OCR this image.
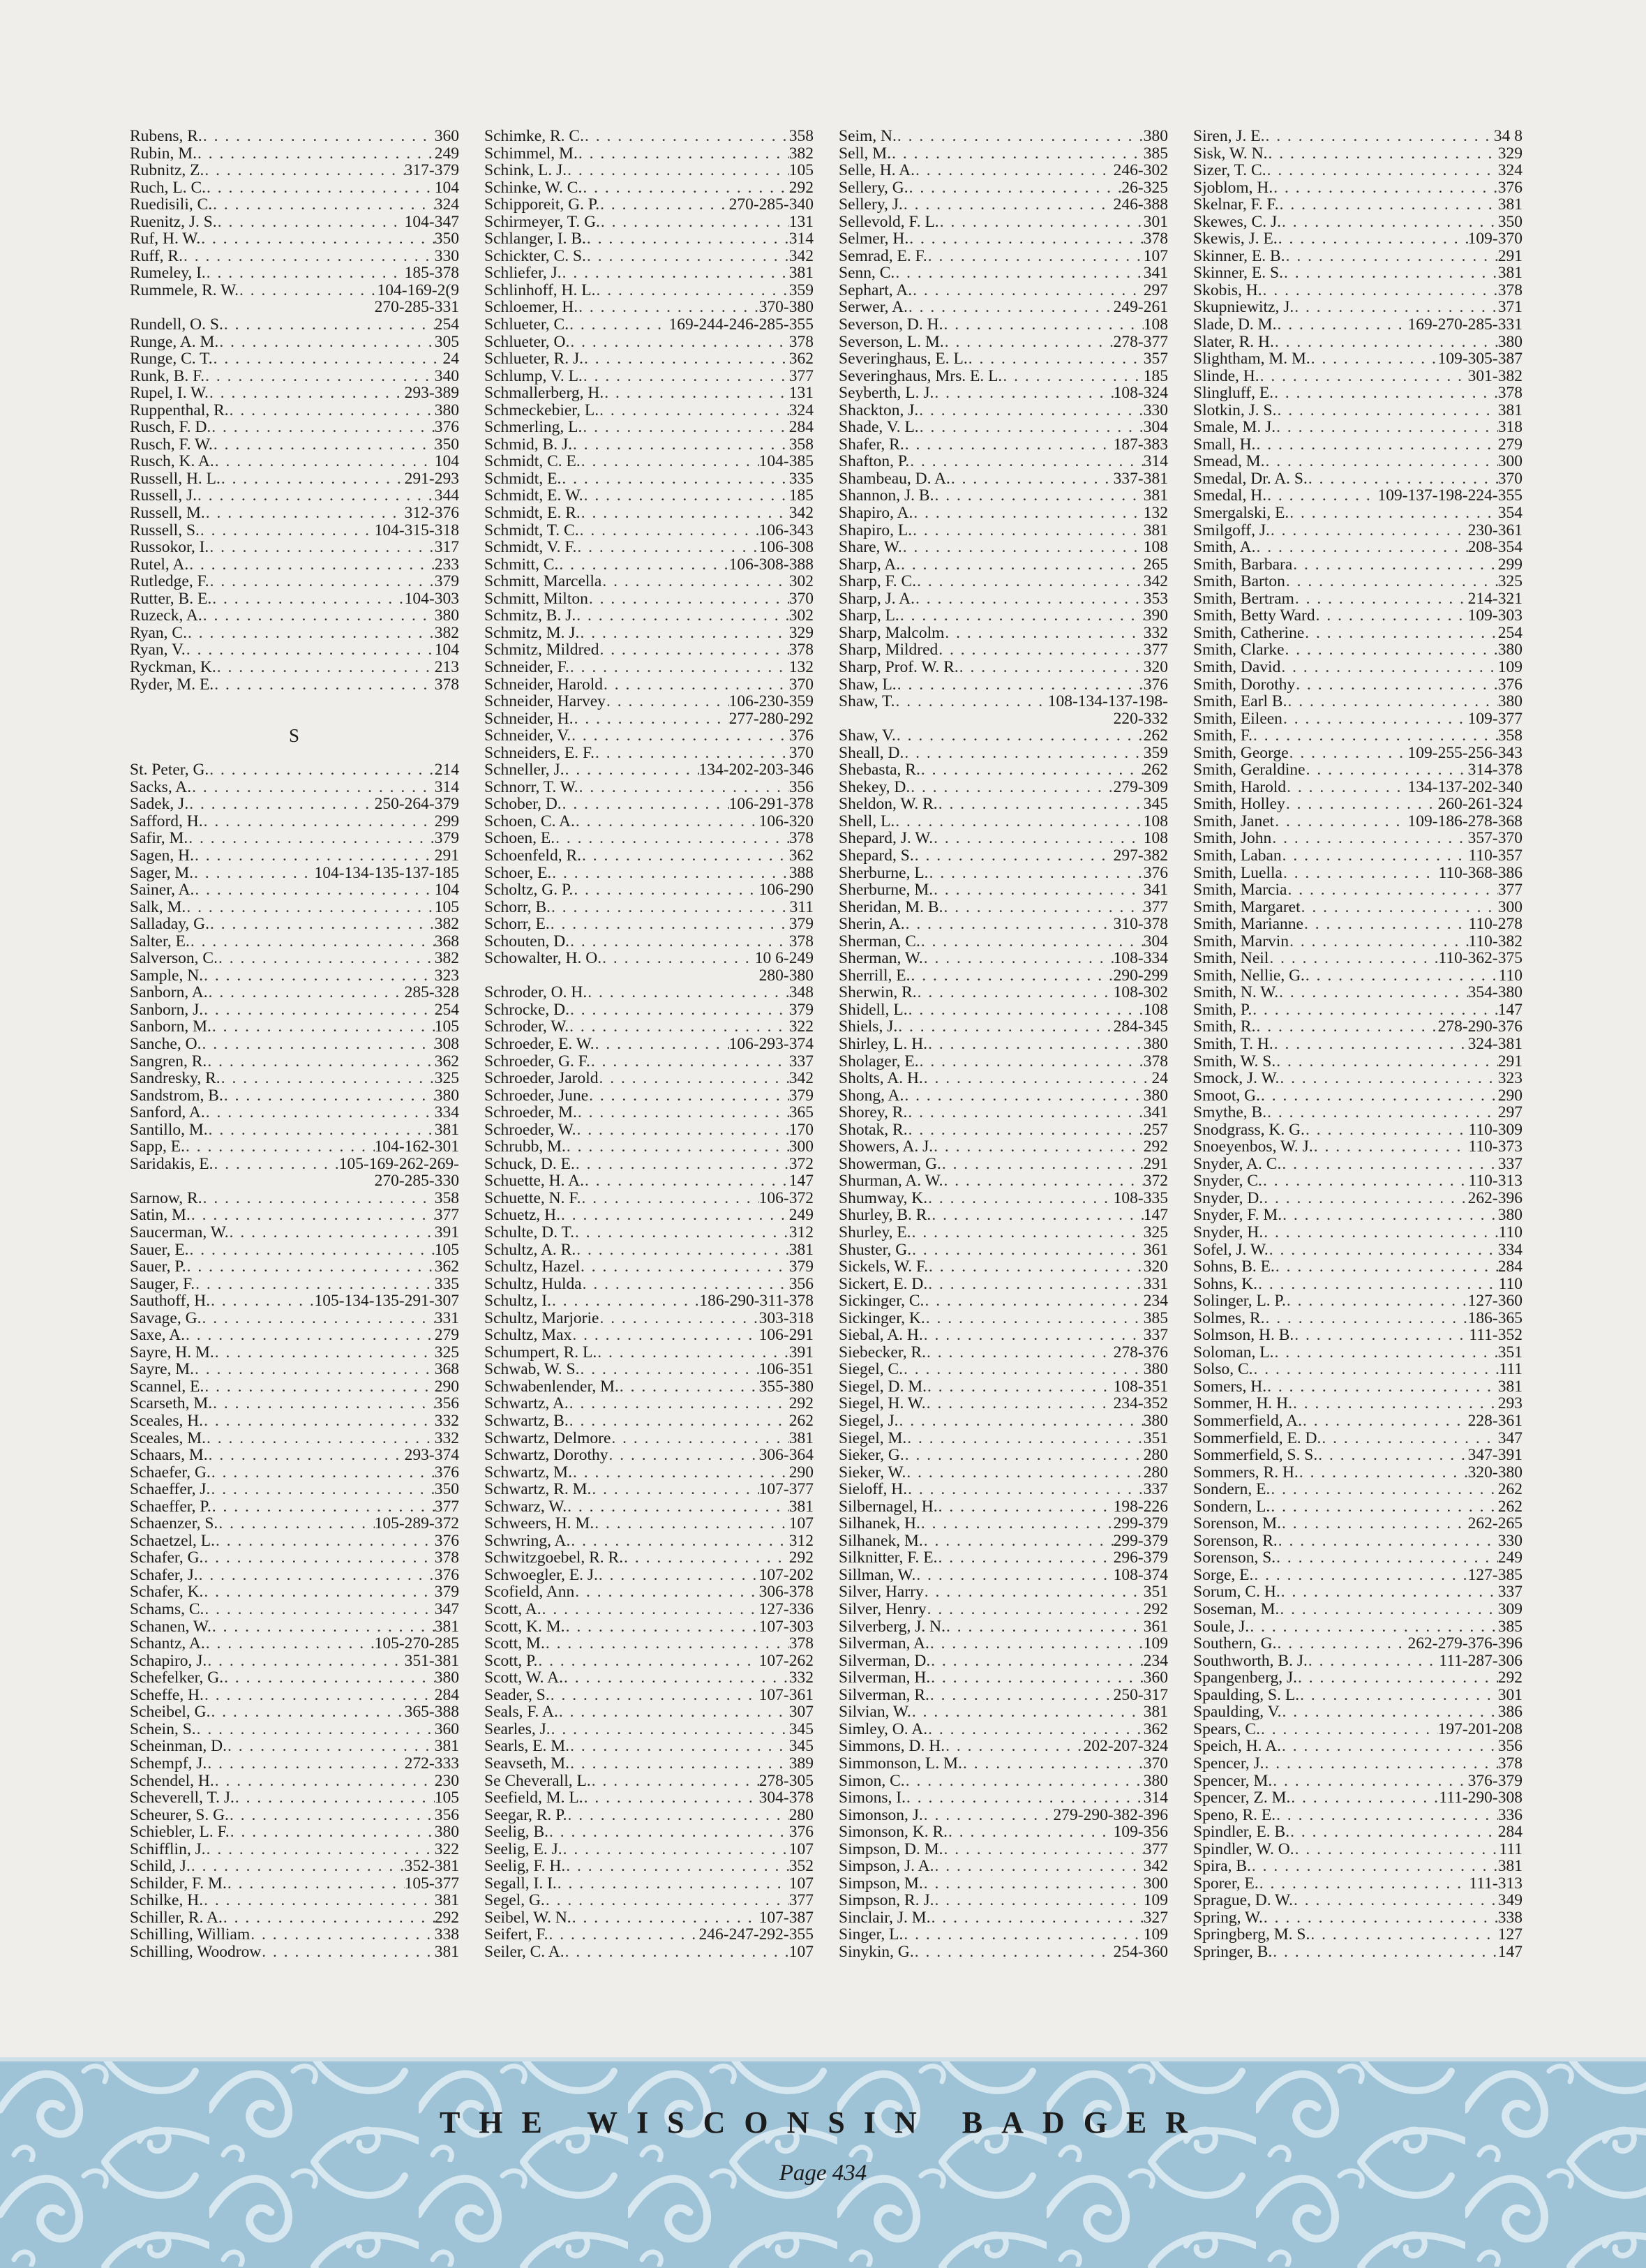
Rubens, R. . . .	360
Rubin, M. . . .	249
Rubnitz, Z. . . .	317-379
Ruch, L. C. . . .	104
Ruedisili, C. . . .	324
Ruenitz, J. S. . . .	104-347
Ruf, H. W. . . .	350
Ruff, R. . . .	330
Rumeley, I. . . .	185-378
Rummele, R. W. . . .	104-169-2(9
270-285-331
Rundell, O. S. . . .	254
Runge, A. M. . . .	305
Runge, C. T. . . .	24
Runk, B. F. . . .	340
Rupel, I. W. . . .	293-389
Ruppenthal, R. . . .	380
Rusch, F. D. . . .	376
Rusch, F. W. . . .	350
Rusch, K. A. . . .	104
Russell, H. L. . . .	291-293
Russell, J. . . .	344
Russell, M. . . .	312-376
Russell, S. . . .	104-315-318
Russokor, I. . . .	317
Rutel, A. . . .	233
Rutledge, F. . . .	379
Rutter, B. E. . . .	104-303
Ruzeck, A. . . .	380
Ryan, C. . . .	382
Ryan, V. . . .	104
Ryckman, K. . . .	213
Ryder, M. E. . . .	378
S
St. Peter, G. . . .	214
Sacks, A. . . .	314
Sadek, J. . . .	250-264-379
Safford, H. . . .	299
Safir, M. . . .	379
Sagen, H. . . .	291
Sager, M. . . .	104-134-135-137-185
Sainer, A. . . .	104
Salk, M. . . .	105
Salladay, G. . . .	382
Salter, E. . . .	368
Salverson, C. . . .	382
Sample, N. . . .	323
Sanborn, A. . . .	285-328
Sanborn, J. . . .	254
Sanborn, M. . . .	105
Sanche, O. . . .	308
Sangren, R. . . .	362
Sandresky, R. . . .	325
Sandstrom, B. . . .	380
Sanford, A. . . .	334
Santillo, M. . . .	381
Sapp, E. . . .	104-162-301
Saridakis, E. . . .	105-169-262-269-
270-285-330
Sarnow, R. . . .	358
Satin, M. . . .	377
Saucerman, W. . . .	391
Sauer, E. . . .	105
Sauer, P. . . .	362
Sauger, F. . . .	335
Sauthoff, H. . . .	105-134-135-291-307
Savage, G. . . .	331
Saxe, A. . . .	279
Sayre, H. M. . . .	325
Sayre, M. . . .	368
Scannel, E. . . .	290
Scarseth, M. . . .	356
Sceales, H. . . .	332
Sceales, M. . . .	332
Schaars, M. . . .	293-374
Schaefer, G. . . .	376
Schaeffer, J. . . .	350
Schaeffer, P. . . .	377
Schaenzer, S. . . .	105-289-372
Schaetzel, L. . . .	376
Schafer, G. . . .	378
Schafer, J. . . .	376
Schafer, K. . . .	379
Schams, C. . . .	347
Schanen, W. . . .	381
Schantz, A. . . .	105-270-285
Schapiro, J. . . .	351-381
Schefelker, G. . . .	380
Scheffe, H. . . .	284
Scheibel, G. . . .	365-388
Schein, S. . . .	360
Scheinman, D. . . .	381
Schempf, J. . . .	272-333
Schendel, H. . . .	230
Scheverell, T. J. . . .	105
Scheurer, S. G. . . .	356
Schiebler, L. F. . . .	380
Schifflin, J. . . .	322
Schild, J. . . .	352-381
Schilder, F. M. . . .	105-377
Schilke, H. . . .	381
Schiller, R. A. . . .	292
Schilling, William . . .	338
Schilling, Woodrow . . .	381
Schimke, R. C. . . .	358
Schimmel, M. . . .	382
Schink, L. J. . . .	105
Schinke, W. C. . . .	292
Schipporeit, G. P. . . .	270-285-340
Schirmeyer, T. G. . . .	131
Schlanger, I. B. . . .	314
Schickter, C. S. . . .	342
Schliefer, J. . . .	381
Schlinhoff, H. L. . . .	359
Schloemer, H. . . .	370-380
Schlueter, C. . . .	169-244-246-285-355
Schlueter, O. . . .	378
Schlueter, R. J. . . .	362
Schlump, V. L. . . .	377
Schmallerberg, H. . . .	131
Schmeckebier, L. . . .	324
Schmerling, L. . . .	284
Schmid, B. J. . . .	358
Schmidt, C. E. . . .	104-385
Schmidt, E. . . .	335
Schmidt, E. W. . . .	185
Schmidt, E. R. . . .	342
Schmidt, T. C. . . .	106-343
Schmidt, V. F. . . .	106-308
Schmitt, C. . . .	106-308-388
Schmitt, Marcella . . .	302
Schmitt, Milton . . .	370
Schmitz, B. J. . . .	302
Schmitz, M. J. . . .	329
Schmitz, Mildred . . .	378
Schneider, F. . . .	132
Schneider, Harold . . .	370
Schneider, Harvey . . .	106-230-359
Schneider, H. . . .	277-280-292
Schneider, V. . . .	376
Schneiders, E. F. . . .	370
Schneller, J. . . .	134-202-203-346
Schnorr, T. W. . . .	356
Schober, D. . . .	106-291-378
Schoen, C. A. . . .	106-320
Schoen, E. . . .	378
Schoenfeld, R. . . .	362
Schoer, E. . . .	388
Scholtz, G. P. . . .	106-290
Schorr, B. . . .	311
Schorr, E. . . .	379
Schouten, D. . . .	378
Schowalter, H. O. . . .	10 6-249
280-380
Schroder, O. H. . . .	348
Schrocke, D. . . .	379
Schroder, W. . . .	322
Schroeder, E. W. . . .	106-293-374
Schroeder, G. F. . . .	337
Schroeder, Jarold . . .	342
Schroeder, June . . .	379
Schroeder, M. . . .	365
Schroeder, W. . . .	170
Schrubb, M. . . .	300
Schuck, D. E. . . .	372
Schuette, H. A. . . .	147
Schuette, N. F. . . .	106-372
Schuetz, H. . . .	249
Schulte, D. T. . . .	312
Schultz, A. R. . . .	381
Schultz, Hazel . . .	379
Schultz, Hulda . . .	356
Schultz, I. . . .	186-290-311-378
Schultz, Marjorie . . .	303-318
Schultz, Max . . .	106-291
Schumpert, R. L. . . .	391
Schwab, W. S. . . .	106-351
Schwabenlender, M. . . .	355-380
Schwartz, A. . . .	292
Schwartz, B. . . .	262
Schwartz, Delmore . . .	381
Schwartz, Dorothy . . .	306-364
Schwartz, M. . . .	290
Schwartz, R. M. . . .	107-377
Schwarz, W. . . .	381
Schweers, H. M. . . .	107
Schwring, A. . . .	312
Schwitzgoebel, R. R. . . .	292
Schwoegler, E. J. . . .	107-202
Scofield, Ann . . .	306-378
Scott, A. . . .	127-336
Scott, K. M. . . .	107-303
Scott, M. . . .	378
Scott, P. . . .	107-262
Scott, W. A. . . .	332
Seader, S. . . .	107-361
Seals, F. A. . . .	307
Searles, J. . . .	345
Searls, E. M. . . .	345
Seavseth, M. . . .	389
Se Cheverall, L. . . .	278-305
Seefield, M. L. . . .	304-378
Seegar, R. P. . . .	280
Seelig, B. . . .	376
Seelig, E. J. . . .	107
Seelig, F. H. . . .	352
Segall, I. I. . . .	107
Segel, G. . . .	377
Seibel, W. N. . . .	107-387
Seifert, F. . . .	246-247-292-355
Seiler, C. A. . . .	107
Seim, N. . . .	380
Sell, M. . . .	385
Selle, H. A. . . .	246-302
Sellery, G. . . .	26-325
Sellery, J. . . .	246-388
Sellevold, F. L. . . .	301
Selmer, H. . . .	378
Semrad, E. F. . . .	107
Senn, C. . . .	341
Sephart, A. . . .	297
Serwer, A. . . .	249-261
Severson, D. H. . . .	108
Severson, L. M. . . .	278-377
Severinghaus, E. L. . . .	357
Severinghaus, Mrs. E. L. . . .	185
Seyberth, L. J. . . .	108-324
Shackton, J. . . .	330
Shade, V. L. . . .	304
Shafer, R. . . .	187-383
Shafton, P. . . .	314
Shambeau, D. A. . . .	337-381
Shannon, J. B. . . .	381
Shapiro, A. . . .	132
Shapiro, L. . . .	381
Share, W. . . .	108
Sharp, A. . . .	265
Sharp, F. C. . . .	342
Sharp, J. A. . . .	353
Sharp, L. . . .	390
Sharp, Malcolm . . .	332
Sharp, Mildred . . .	377
Sharp, Prof. W. R. . . .	320
Shaw, L. . . .	376
Shaw, T. . . .	108-134-137-198-
220-332
Shaw, V. . . .	262
Sheall, D. . . .	359
Shebasta, R. . . .	262
Shekey, D. . . .	279-309
Sheldon, W. R. . . .	345
Shell, L. . . .	108
Shepard, J. W. . . .	108
Shepard, S. . . .	297-382
Sherburne, L. . . .	376
Sherburne, M. . . .	341
Sheridan, M. B. . . .	377
Sherin, A. . . .	310-378
Sherman, C. . . .	304
Sherman, W. . . .	108-334
Sherrill, E. . . .	290-299
Sherwin, R. . . .	108-302
Shidell, L. . . .	108
Shiels, J. . . .	284-345
Shirley, L. H. . . .	380
Sholager, E. . . .	378
Sholts, A. H. . . .	24
Shong, A. . . .	380
Shorey, R. . . .	341
Shotak, R. . . .	257
Showers, A. J. . . .	292
Showerman, G. . . .	291
Shurman, A. W. . . .	372
Shumway, K. . . .	108-335
Shurley, B. R. . . .	147
Shurley, E. . . .	325
Shuster, G. . . .	361
Sickels, W. F. . . .	320
Sickert, E. D. . . .	331
Sickinger, C. . . .	234
Sickinger, K. . . .	385
Siebal, A. H. . . .	337
Siebecker, R. . . .	278-376
Siegel, C. . . .	380
Siegel, D. M. . . .	108-351
Siegel, H. W. . . .	234-352
Siegel, J. . . .	380
Siegel, M. . . .	351
Sieker, G. . . .	280
Sieker, W. . . .	280
Sieloff, H. . . .	337
Silbernagel, H. . . .	198-226
Silhanek, H. . . .	299-379
Silhanek, M. . . .	299-379
Silknitter, F. E. . . .	296-379
Sillman, W. . . .	108-374
Silver, Harry . . .	351
Silver, Henry . . .	292
Silverberg, J. N. . . .	361
Silverman, A. . . .	109
Silverman, D. . . .	234
Silverman, H. . . .	360
Silverman, R. . . .	250-317
Silvian, W. . . .	381
Simley, O. A. . . .	362
Simmons, D. H. . . .	202-207-324
Simmonson, L. M. . . .	370
Simon, C. . . .	380
Simons, I. . . .	314
Simonson, J. . . .	279-290-382-396
Simonson, K. R. . . .	109-356
Simpson, D. M. . . .	377
Simpson, J. A. . . .	342
Simpson, M. . . .	300
Simpson, R. J. . . .	109
Sinclair, J. M. . . .	327
Singer, L. . . .	109
Sinykin, G. . . .	254-360
Siren, J. E. . . .	34 8
Sisk, W. N. . . .	329
Sizer, T. C. . . .	324
Sjoblom, H. . . .	376
Skelnar, F. F. . . .	381
Skewes, C. J. . . .	350
Skewis, J. E. . . .	109-370
Skinner, E. B. . . .	291
Skinner, E. S. . . .	381
Skobis, H. . . .	378
Skupniewitz, J. . . .	371
Slade, D. M. . . .	169-270-285-331
Slater, R. H. . . .	380
Slightham, M. M. . . .	109-305-387
Slinde, H. . . .	301-382
Slingluff, E. . . .	378
Slotkin, J. S. . . .	381
Smale, M. J. . . .	318
Small, H. . . .	279
Smead, M. . . .	300
Smedal, Dr. A. S. . . .	370
Smedal, H. . . .	109-137-198-224-355
Smergalski, E. . . .	354
Smilgoff, J. . . .	230-361
Smith, A. . . .	208-354
Smith, Barbara . . .	299
Smith, Barton . . .	325
Smith, Bertram . . .	214-321
Smith, Betty Ward . . .	109-303
Smith, Catherine . . .	254
Smith, Clarke . . .	380
Smith, David . . .	109
Smith, Dorothy . . .	376
Smith, Earl B. . . .	380
Smith, Eileen . . .	109-377
Smith, F. . . .	358
Smith, George . . .	109-255-256-343
Smith, Geraldine . . .	314-378
Smith, Harold . . .	134-137-202-340
Smith, Holley . . .	260-261-324
Smith, Janet . . .	109-186-278-368
Smith, John . . .	357-370
Smith, Laban . . .	110-357
Smith, Luella . . .	110-368-386
Smith, Marcia . . .	377
Smith, Margaret . . .	300
Smith, Marianne . . .	110-278
Smith, Marvin . . .	110-382
Smith, Neil . . .	110-362-375
Smith, Nellie, G. . . .	110
Smith, N. W. . . .	354-380
Smith, P. . . .	147
Smith, R. . . .	278-290-376
Smith, T. H. . . .	324-381
Smith, W. S. . . .	291
Smock, J. W. . . .	323
Smoot, G. . . .	290
Smythe, B. . . .	297
Snodgrass, K. G. . . .	110-309
Snoeyenbos, W. J. . . .	110-373
Snyder, A. C. . . .	337
Snyder, C. . . .	110-313
Snyder, D. . . .	262-396
Snyder, F. M. . . .	380
Snyder, H. . . .	110
Sofel, J. W. . . .	334
Sohns, B. E. . . .	284
Sohns, K. . . .	110
Solinger, L. P. . . .	127-360
Solmes, R. . . .	186-365
Solmson, H. B. . . .	111-352
Soloman, L. . . .	351
Solso, C. . . .	111
Somers, H. . . .	381
Sommer, H. H. . . .	293
Sommerfield, A. . . .	228-361
Sommerfield, E. D. . . .	347
Sommerfield, S. S. . . .	347-391
Sommers, R. H. . . .	320-380
Sondern, E. . . .	262
Sondern, L. . . .	262
Sorenson, M. . . .	262-265
Sorenson, R. . . .	330
Sorenson, S. . . .	249
Sorge, E. . . .	127-385
Sorum, C. H. . . .	337
Soseman, M. . . .	309
Soule, J. . . .	385
Southern, G. . . .	262-279-376-396
Southworth, B. J. . . .	111-287-306
Spangenberg, J. . . .	292
Spaulding, S. L. . . .	301
Spaulding, V. . . .	386
Spears, C. . . .	197-201-208
Speich, H. A. . . .	356
Spencer, J. . . .	378
Spencer, M. . . .	376-379
Spencer, Z. M. . . .	111-290-308
Speno, R. E. . . .	336
Spindler, E. B. . . .	284
Spindler, W. O. . . .	111
Spira, B. . . .	381
Sporer, E. . . .	111-313
Sprague, D. W. . . .	349
Spring, W. . . .	338
Springberg, M. S. . . .	127
Springer, B. . . .	147
THE WISCONSIN BADGER
Page 434
